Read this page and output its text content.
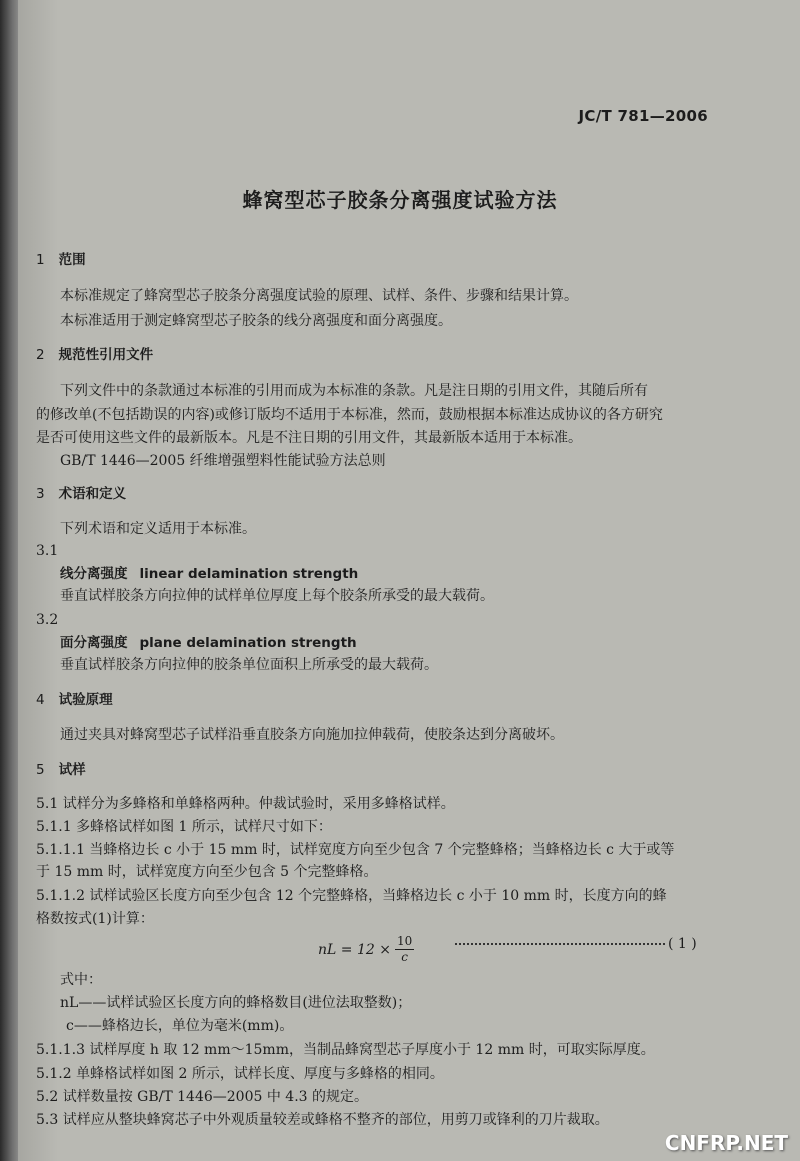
JC/T 781—2006
蜂窝型芯子胶条分离强度试验方法
1 范围
本标准规定了蜂窝型芯子胶条分离强度试验的原理、试样、条件、步骤和结果计算。
本标准适用于测定蜂窝型芯子胶条的线分离强度和面分离强度。
2 规范性引用文件
下列文件中的条款通过本标准的引用而成为本标准的条款。凡是注日期的引用文件，其随后所有
的修改单(不包括勘误的内容)或修订版均不适用于本标准，然而，鼓励根据本标准达成协议的各方研究
是否可使用这些文件的最新版本。凡是不注日期的引用文件，其最新版本适用于本标准。
GB/T 1446—2005 纤维增强塑料性能试验方法总则
3 术语和定义
下列术语和定义适用于本标准。
3.1
线分离强度 linear delamination strength
垂直试样胶条方向拉伸的试样单位厚度上每个胶条所承受的最大载荷。
3.2
面分离强度 plane delamination strength
垂直试样胶条方向拉伸的胶条单位面积上所承受的最大载荷。
4 试验原理
通过夹具对蜂窝型芯子试样沿垂直胶条方向施加拉伸载荷，使胶条达到分离破坏。
5 试样
5.1 试样分为多蜂格和单蜂格两种。仲裁试验时，采用多蜂格试样。
5.1.1 多蜂格试样如图 1 所示，试样尺寸如下：
5.1.1.1 当蜂格边长 c 小于 15 mm 时，试样宽度方向至少包含 7 个完整蜂格；当蜂格边长 c 大于或等
于 15 mm 时，试样宽度方向至少包含 5 个完整蜂格。
5.1.1.2 试样试验区长度方向至少包含 12 个完整蜂格，当蜂格边长 c 小于 10 mm 时，长度方向的蜂
格数按式(1)计算：
nL = $12 \times \frac{10}{c}$	( 1 )
式中：
nL——试样试验区长度方向的蜂格数目(进位法取整数)；
c——蜂格边长，单位为毫米(mm)。
5.1.1.3 试样厚度 h 取 12 mm～15mm，当制品蜂窝型芯子厚度小于 12 mm 时，可取实际厚度。
5.1.2 单蜂格试样如图 2 所示，试样长度、厚度与多蜂格的相同。
5.2 试样数量按 GB/T 1446—2005 中 4.3 的规定。
5.3 试样应从整块蜂窝芯子中外观质量较差或蜂格不整齐的部位，用剪刀或锋利的刀片裁取。
CNFRP.NET
